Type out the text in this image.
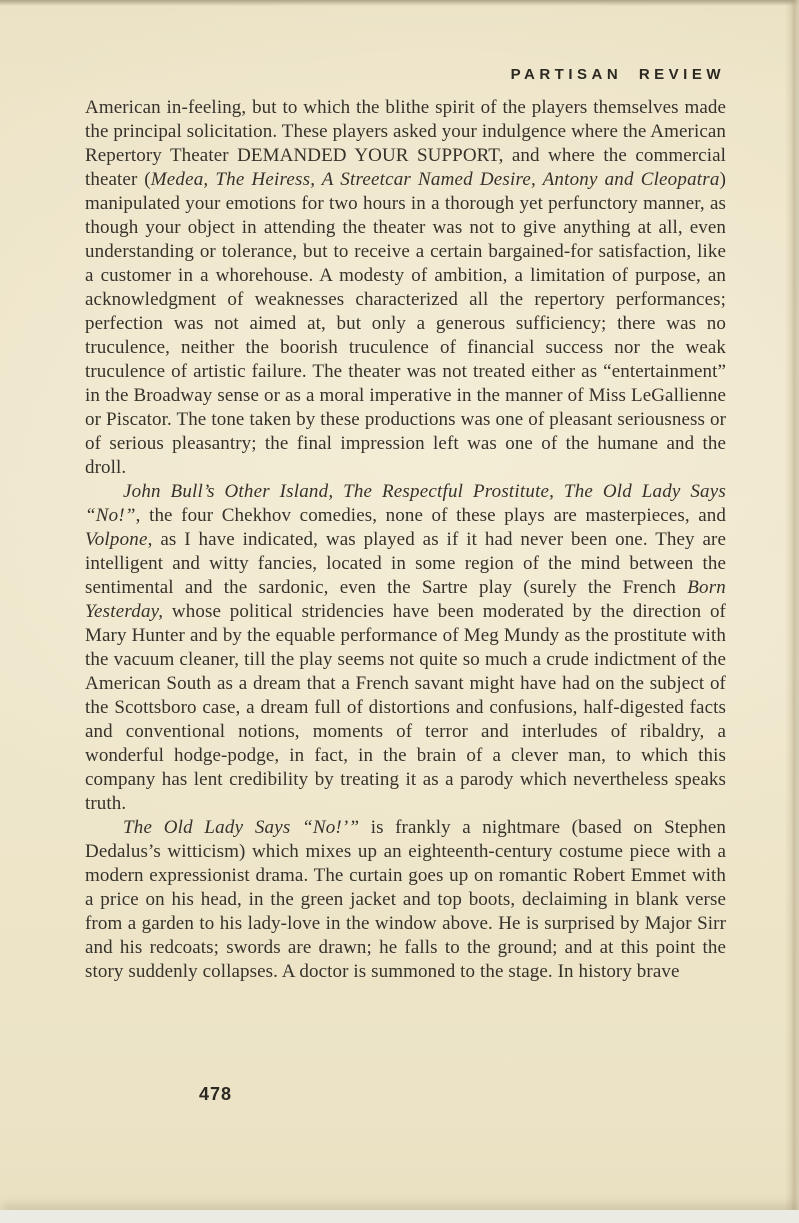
PARTISAN REVIEW

American in-feeling, but to which the blithe spirit of the players themselves made the principal solicitation. These players asked your indulgence where the American Repertory Theater DEMANDED YOUR SUPPORT, and where the commercial theater (Medea, The Heiress, A Streetcar Named Desire, Antony and Cleopatra) manipulated your emotions for two hours in a thorough yet perfunctory manner, as though your object in attending the theater was not to give anything at all, even understanding or tolerance, but to receive a certain bargained-for satisfaction, like a customer in a whorehouse. A modesty of ambition, a limitation of purpose, an acknowledgment of weaknesses characterized all the repertory performances; perfection was not aimed at, but only a generous sufficiency; there was no truculence, neither the boorish truculence of financial success nor the weak truculence of artistic failure. The theater was not treated either as “entertainment” in the Broadway sense or as a moral imperative in the manner of Miss LeGallienne or Piscator. The tone taken by these productions was one of pleasant seriousness or of serious pleasantry; the final impression left was one of the humane and the droll.

John Bull’s Other Island, The Respectful Prostitute, The Old Lady Says “No!”, the four Chekhov comedies, none of these plays are masterpieces, and Volpone, as I have indicated, was played as if it had never been one. They are intelligent and witty fancies, located in some region of the mind between the sentimental and the sardonic, even the Sartre play (surely the French Born Yesterday, whose political stridencies have been moderated by the direction of Mary Hunter and by the equable performance of Meg Mundy as the prostitute with the vacuum cleaner, till the play seems not quite so much a crude indictment of the American South as a dream that a French savant might have had on the subject of the Scottsboro case, a dream full of distortions and confusions, half-digested facts and conventional notions, moments of terror and interludes of ribaldry, a wonderful hodge-podge, in fact, in the brain of a clever man, to which this company has lent credibility by treating it as a parody which nevertheless speaks truth.

The Old Lady Says “No!’” is frankly a nightmare (based on Stephen Dedalus’s witticism) which mixes up an eighteenth-century costume piece with a modern expressionist drama. The curtain goes up on romantic Robert Emmet with a price on his head, in the green jacket and top boots, declaiming in blank verse from a garden to his lady-love in the window above. He is surprised by Major Sirr and his redcoats; swords are drawn; he falls to the ground; and at this point the story suddenly collapses. A doctor is summoned to the stage. In history brave

478
